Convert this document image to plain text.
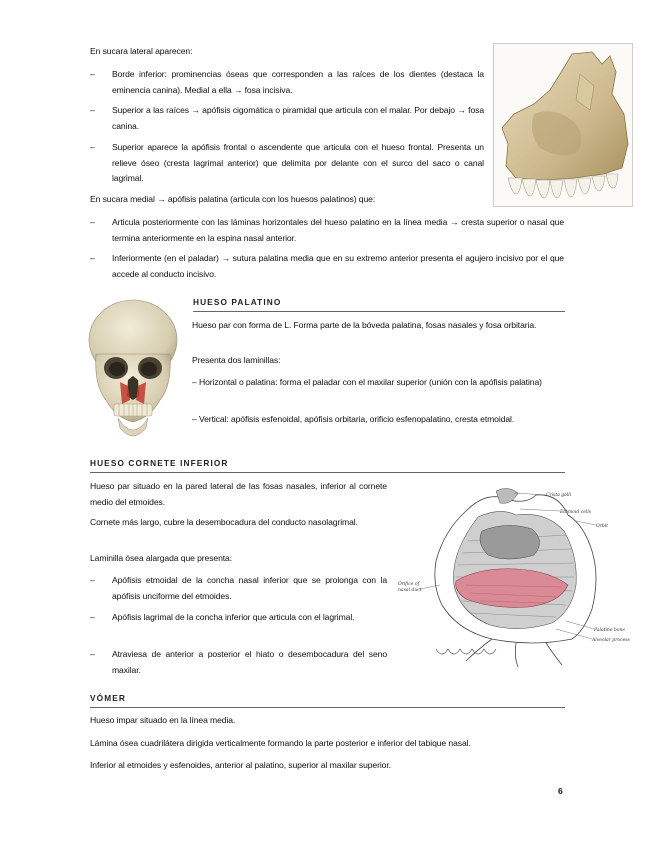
En sucara lateral aparecen:

– Borde inferior: prominencias óseas que corresponden a las raíces de los dientes (destaca la eminencia canina). Medial a ella → fosa incisiva.
– Superior a las raíces → apófisis cigomática o piramidal que articula con el malar. Por debajo → fosa canina.
– Superior aparece la apófisis frontal o ascendente que articula con el hueso frontal. Presenta un relieve óseo (cresta lagrimal anterior) que delimita por delante con el surco del saco o canal lagrimal.

En sucara medial → apófisis palatina (articula con los huesos palatinos) que:

– Articula posteriormente con las láminas horizontales del hueso palatino en la línea media → cresta superior o nasal que termina anteriormente en la espina nasal anterior.
– Inferiormente (en el paladar) → sutura palatina media que en su extremo anterior presenta el agujero incisivo por el que accede al conducto incisivo.
HUESO PALATINO

Hueso par con forma de L. Forma parte de la bóveda palatina, fosas nasales y fosa orbitaria.

Presenta dos laminillas:

– Horizontal o palatina: forma el paladar con el maxilar superior (unión con la apófisis palatina)

– Vertical: apófisis esfenoidal, apófisis orbitaria, orificio esfenopalatino, cresta etmoidal.

HUESO CORNETE INFERIOR

Hueso par situado en la pared lateral de las fosas nasales, inferior al cornete medio del etmoides.

Cornete más largo, cubre la desembocadura del conducto nasolagrimal.

Laminilla ósea alargada que presenta:

– Apófisis etmoidal de la concha nasal inferior que se prolonga con la apófisis unciforme del etmoides.
– Apófisis lagrimal de la concha inferior que articula con el lagrimal.
– Atraviesa de anterior a posterior el hiato o desembocadura del seno maxilar.
Crista galli
Ethmoid cells
Orbit
Orifice of
nasal duct
Palatine bone
Alveolar process
VÓMER

Hueso impar situado en la línea media.

Lámina ósea cuadrilátera dirigida verticalmente formando la parte posterior e inferior del tabique nasal.

Inferior al etmoides y esfenoides, anterior al palatino, superior al maxilar superior.

6
